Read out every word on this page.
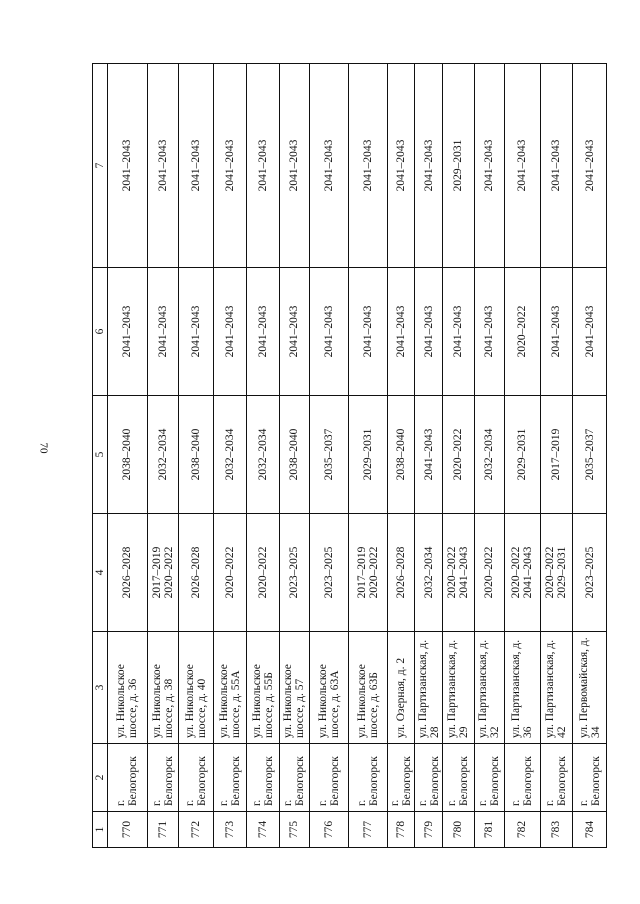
70
1	2	3	4	5	6	7
770	г. Белогорск	ул. Никольское шоссе, д. 36	2026–2028	2038–2040	2041–2043	2041–2043
771	г. Белогорск	ул. Никольское шоссе, д. 38	2017–2019 2020–2022	2032–2034	2041–2043	2041–2043
772	г. Белогорск	ул. Никольское шоссе, д. 40	2026–2028	2038–2040	2041–2043	2041–2043
773	г. Белогорск	ул. Никольское шоссе, д. 55А	2020–2022	2032–2034	2041–2043	2041–2043
774	г. Белогорск	ул. Никольское шоссе, д. 55Б	2020–2022	2032–2034	2041–2043	2041–2043
775	г. Белогорск	ул. Никольское шоссе, д. 57	2023–2025	2038–2040	2041–2043	2041–2043
776	г. Белогорск	ул. Никольское шоссе, д. 63А	2023–2025	2035–2037	2041–2043	2041–2043
777	г. Белогорск	ул. Никольское шоссе, д. 63Б	2017–2019 2020–2022	2029–2031	2041–2043	2041–2043
778	г. Белогорск	ул. Озерная, д. 2	2026–2028	2038–2040	2041–2043	2041–2043
779	г. Белогорск	ул. Партизанская, д. 28	2032–2034	2041–2043	2041–2043	2041–2043
780	г. Белогорск	ул. Партизанская, д. 29	2020–2022 2041–2043	2020–2022	2041–2043	2029–2031
781	г. Белогорск	ул. Партизанская, д. 32	2020–2022	2032–2034	2041–2043	2041–2043
782	г. Белогорск	ул. Партизанская, д. 36	2020–2022 2041–2043	2029–2031	2020–2022	2041–2043
783	г. Белогорск	ул. Партизанская, д. 42	2020–2022 2029–2031	2017–2019	2041–2043	2041–2043
784	г. Белогорск	ул. Первомайская, д. 34	2023–2025	2035–2037	2041–2043	2041–2043
